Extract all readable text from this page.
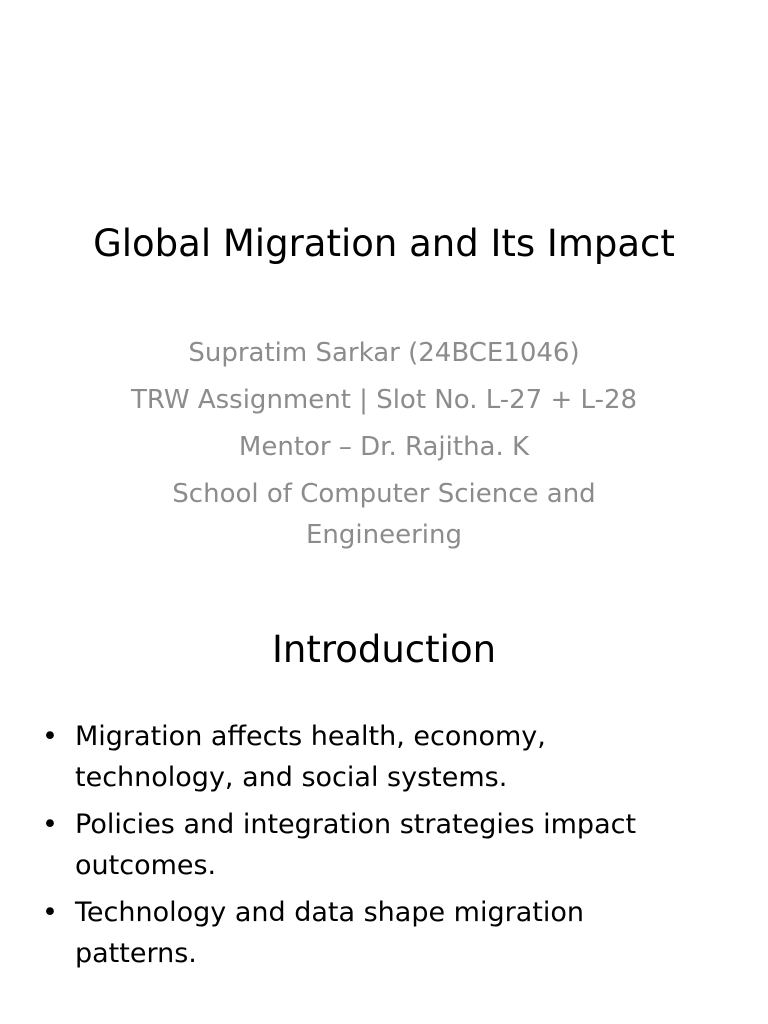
Global Migration and Its Impact
Supratim Sarkar (24BCE1046)
TRW Assignment | Slot No. L-27 + L-28
Mentor – Dr. Rajitha. K
School of Computer Science and Engineering
Introduction
• Migration affects health, economy, technology, and social systems.
• Policies and integration strategies impact outcomes.
• Technology and data shape migration patterns.
